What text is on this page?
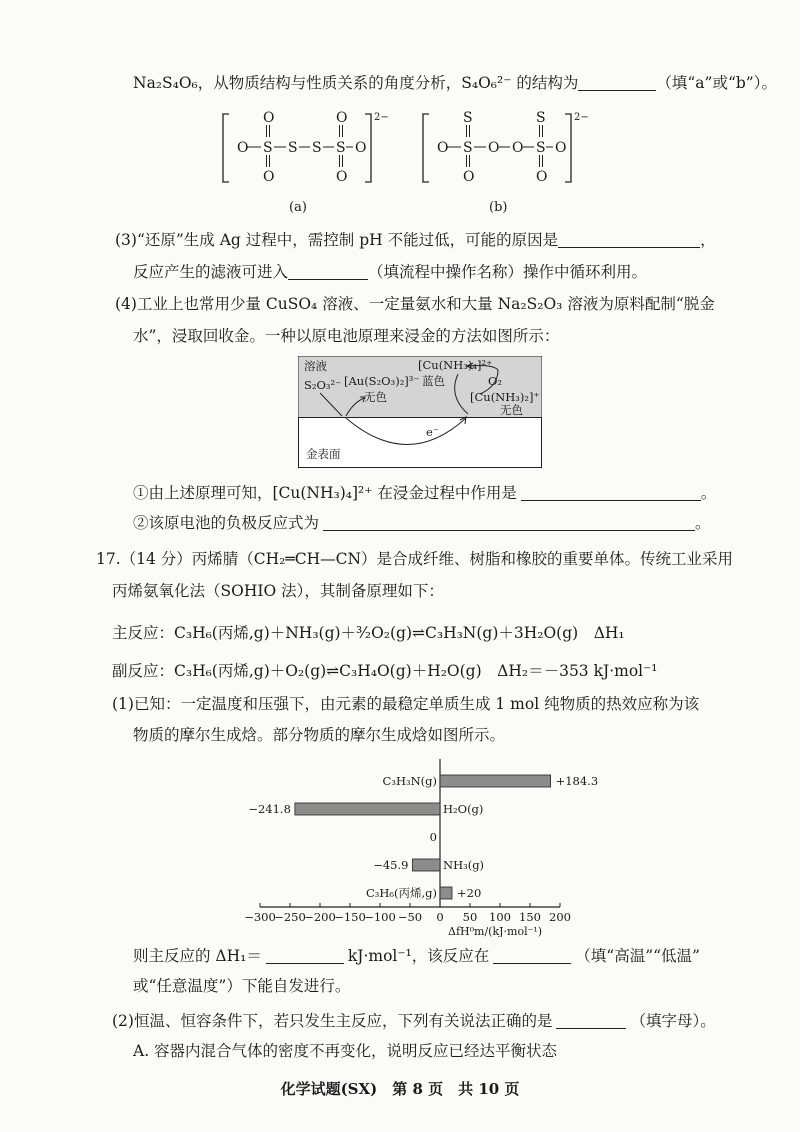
Na₂S₄O₆，从物质结构与性质关系的角度分析，S₄O₆²⁻ 的结构为	（填“a”或“b”）。
2−
O S
O
O
S S S
O
O
O
(a)
2−
O S
S
O
O O S
S
O
O
(b)
(3)“还原”生成 Ag 过程中，需控制 pH 不能过低，可能的原因是	，
反应产生的滤液可进入	（填流程中操作名称）操作中循环利用。
(4)工业上也常用少量 CuSO₄ 溶液、一定量氨水和大量 Na₂S₂O₃ 溶液为原料配制“脱金
水”，浸取回收金。一种以原电池原理来浸金的方法如图所示：
溶液
S₂O₃²⁻ [Au(S₂O₃)₂]³⁻
无色
[Cu(NH₃)₄]²⁺
蓝色	O₂
[Cu(NH₃)₂]⁺
无色
e⁻
金表面
①由上述原理可知，[Cu(NH₃)₄]²⁺ 在浸金过程中作用是	。
②该原电池的负极反应式为	。
17.（14 分）丙烯腈（CH₂═CH—CN）是合成纤维、树脂和橡胶的重要单体。传统工业采用
丙烯氨氧化法（SOHIO 法），其制备原理如下：
主反应：C₃H₆(丙烯,g)＋NH₃(g)＋³⁄₂O₂(g)⇌C₃H₃N(g)＋3H₂O(g)　ΔH₁
副反应：C₃H₆(丙烯,g)＋O₂(g)⇌C₃H₄O(g)＋H₂O(g)　ΔH₂＝－353 kJ·mol⁻¹
(1)已知：一定温度和压强下，由元素的最稳定单质生成 1 mol 纯物质的热效应称为该
物质的摩尔生成焓。部分物质的摩尔生成焓如图所示。
−300
−250
−200
−150
−100 −50 0 50 100 150 200
ΔfH⁰m/(kJ·mol⁻¹)
C₃H₃N(g)	+184.3
H₂O(g)
−241.8
0
NH₃(g)
−45.9
C₃H₆(丙烯,g) +20
则主反应的 ΔH₁＝	kJ·mol⁻¹，该反应在	（填“高温”“低温”
或“任意温度”）下能自发进行。
(2)恒温、恒容条件下，若只发生主反应，下列有关说法正确的是	（填字母）。
A. 容器内混合气体的密度不再变化，说明反应已经达平衡状态
化学试题(SX)　第 8 页　共 10 页
